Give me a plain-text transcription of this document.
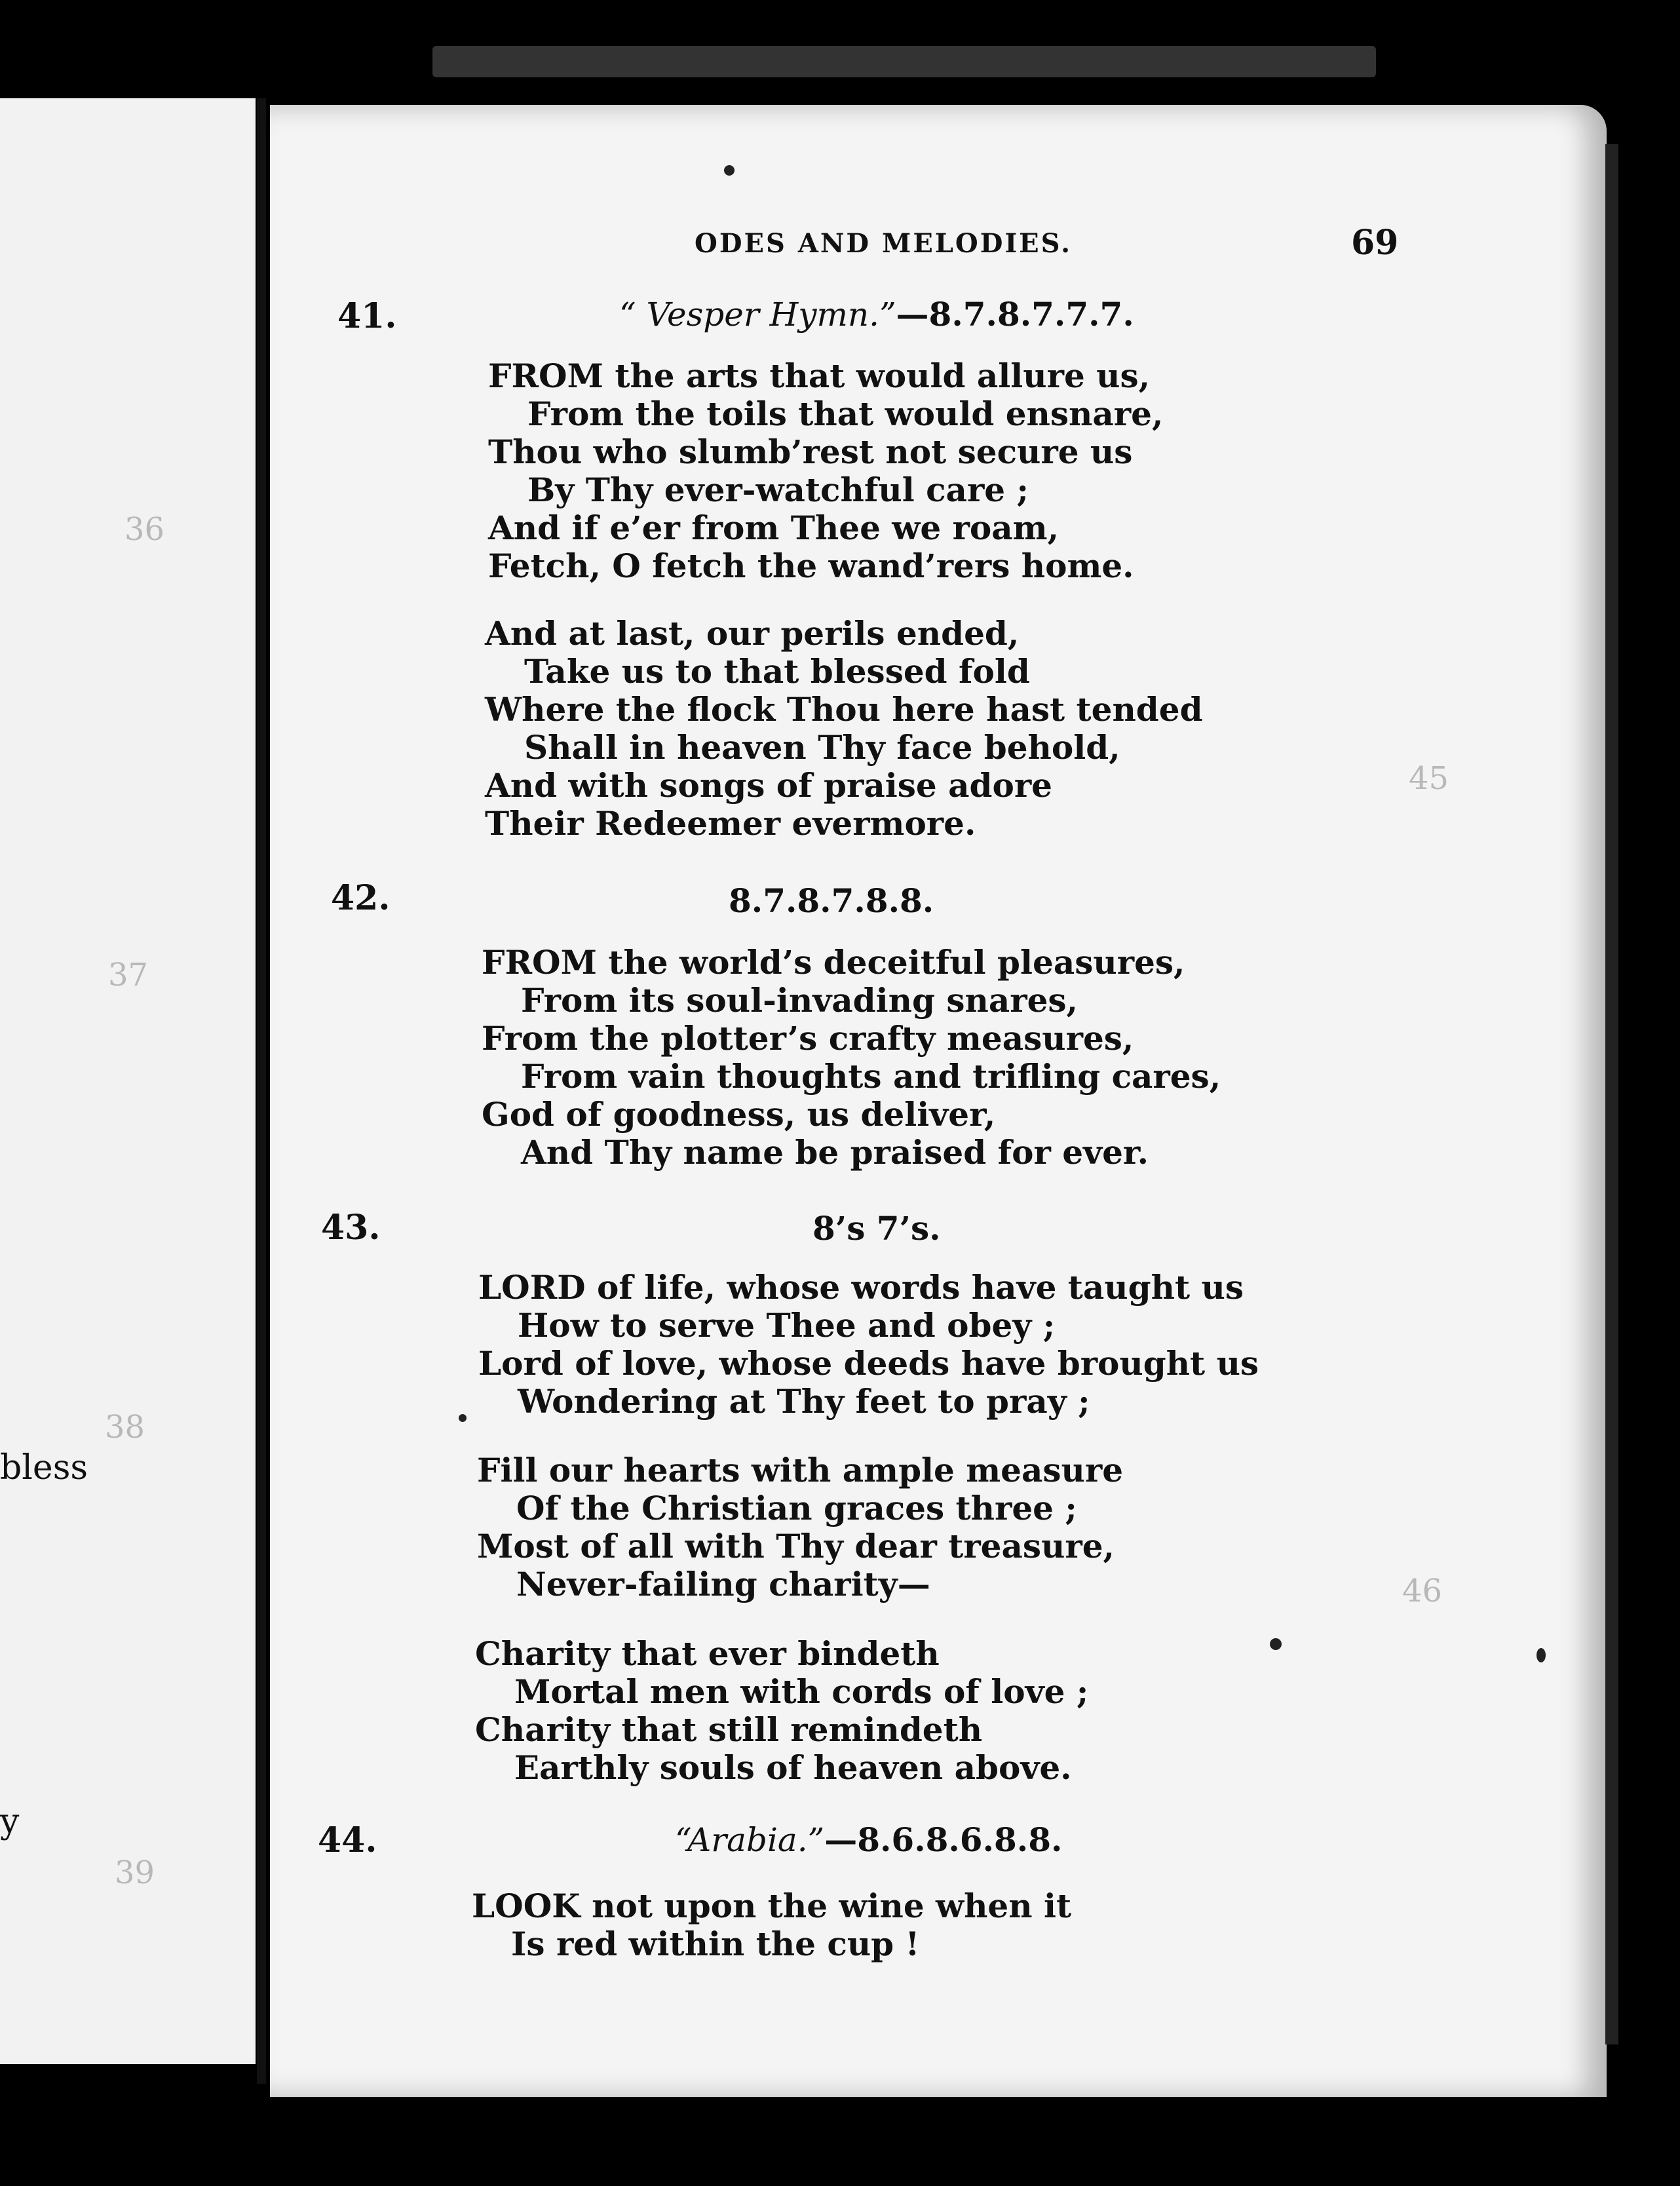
bless
y
36
37
38
39
45
46
ODES AND MELODIES.	69
41.	“ Vesper Hymn.”—8.7.8.7.7.7.
FROM the arts that would allure us,
From the toils that would ensnare,
Thou who slumb’rest not secure us
By Thy ever-watchful care ;
And if e’er from Thee we roam,
Fetch, O fetch the wand’rers home.
And at last, our perils ended,
Take us to that blessed fold
Where the flock Thou here hast tended
Shall in heaven Thy face behold,
And with songs of praise adore
Their Redeemer evermore.
42.	8.7.8.7.8.8.
FROM the world’s deceitful pleasures,
From its soul-invading snares,
From the plotter’s crafty measures,
From vain thoughts and trifling cares,
God of goodness, us deliver,
And Thy name be praised for ever.
43.	8’s 7’s.
LORD of life, whose words have taught us
How to serve Thee and obey ;
Lord of love, whose deeds have brought us
Wondering at Thy feet to pray ;
Fill our hearts with ample measure
Of the Christian graces three ;
Most of all with Thy dear treasure,
Never-failing charity—
Charity that ever bindeth
Mortal men with cords of love ;
Charity that still remindeth
Earthly souls of heaven above.
44.	“Arabia.”—8.6.8.6.8.8.
LOOK not upon the wine when it
Is red within the cup !
